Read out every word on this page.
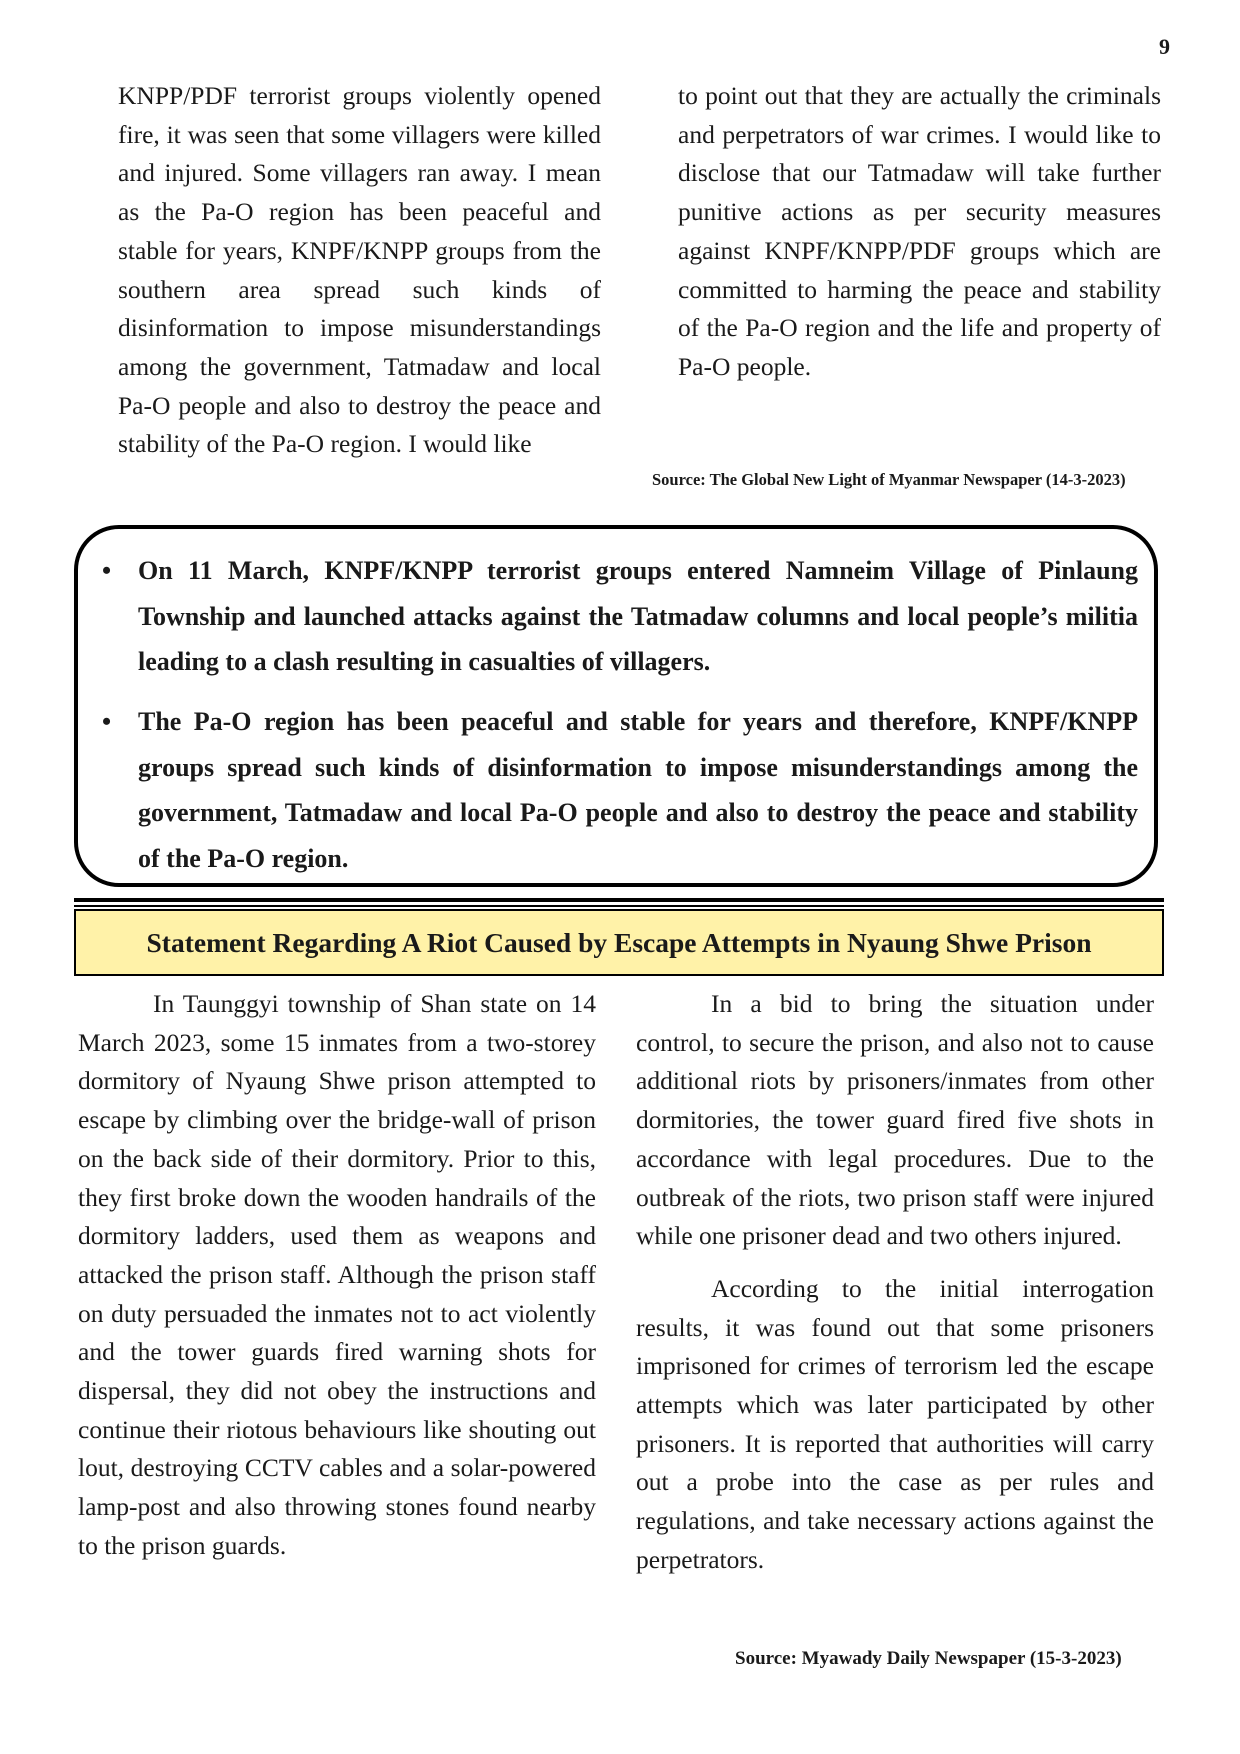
9

KNPP/PDF terrorist groups violently opened fire, it was seen that some villagers were killed and injured. Some villagers ran away. I mean as the Pa-O region has been peaceful and stable for years, KNPF/KNPP groups from the southern area spread such kinds of disinformation to impose misunderstandings among the government, Tatmadaw and local Pa-O people and also to destroy the peace and stability of the Pa-O region. I would like

to point out that they are actually the criminals and perpetrators of war crimes. I would like to disclose that our Tatmadaw will take further punitive actions as per security measures against KNPF/​KNPP/PDF groups which are committed to harming the peace and stability of the Pa-O region and the life and property of Pa-O people.

Source: The Global New Light of Myanmar Newspaper (14-3-2023)
• On 11 March, KNPF/KNPP terrorist groups entered Namneim Village of Pinlaung Township and launched attacks against the Tatmadaw columns and local people’s militia leading to a clash resulting in casualties of villagers.
• The Pa-O region has been peaceful and stable for years and therefore, KNPF/​KNPP groups spread such kinds of disinformation to impose misunderstandings among the government, Tatmadaw and local Pa-O people and also to destroy the peace and stability of the Pa-O region.
Statement Regarding A Riot Caused by Escape Attempts in Nyaung Shwe Prison

In Taunggyi township of Shan state on 14 March 2023, some 15 inmates from a two-storey dormitory of Nyaung Shwe prison attempted to escape by climbing over the bridge-wall of prison on the back side of their dormitory. Prior to this, they first broke down the wooden handrails of the dormitory ladders, used them as weapons and attacked the prison staff. Although the prison staff on duty persuaded the inmates not to act violently and the tower guards fired warning shots for dispersal, they did not obey the instructions and continue their riotous behaviours like shouting out lout, destroying CCTV cables and a solar-powered lamp-post and also throwing stones found nearby to the prison guards.

In a bid to bring the situation under control, to secure the prison, and also not to cause additional riots by prisoners/inmates from other dormitories, the tower guard fired five shots in accordance with legal procedures. Due to the outbreak of the riots, two prison staff were injured while one prisoner dead and two others injured.

According to the initial interrogation results, it was found out that some prisoners imprisoned for crimes of terrorism led the escape attempts which was later participated by other prisoners. It is reported that authorities will carry out a probe into the case as per rules and regulations, and take necessary actions against the perpetrators.

Source: Myawady Daily Newspaper (15-3-2023)
